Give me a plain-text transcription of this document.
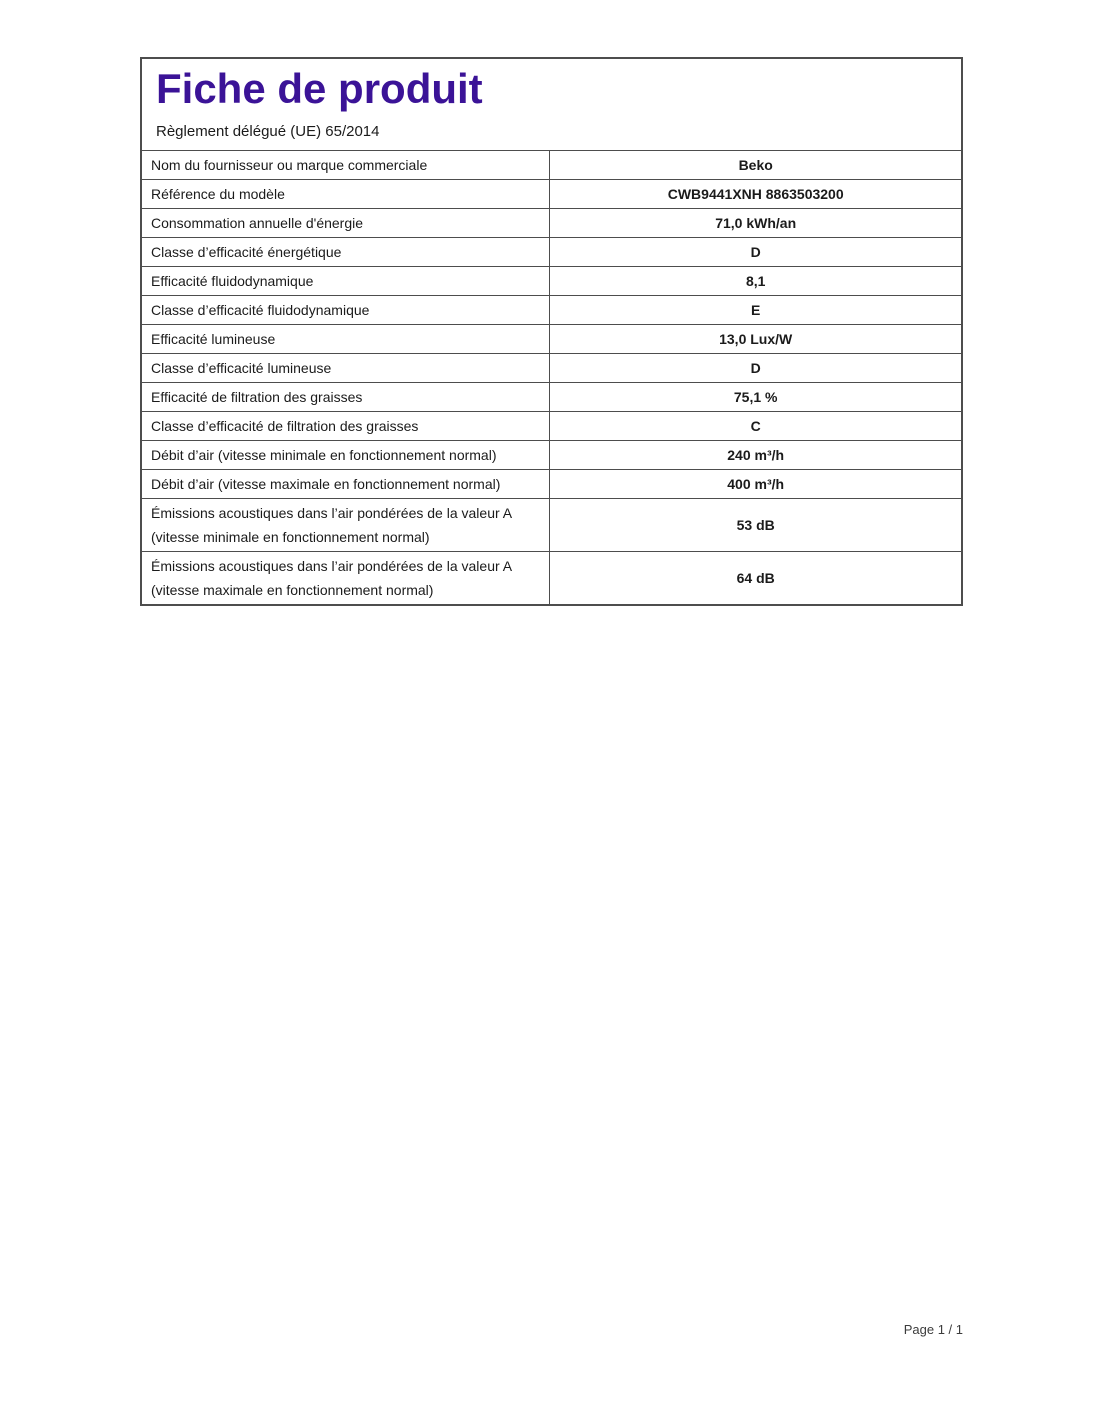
Fiche de produit
Règlement délégué (UE) 65/2014
Nom du fournisseur ou marque commerciale	Beko
Référence du modèle	CWB9441XNH 8863503200
Consommation annuelle d'énergie	71,0 kWh/an
Classe d’efficacité énergétique	D
Efficacité fluidodynamique	8,1
Classe d’efficacité fluidodynamique	E
Efficacité lumineuse	13,0 Lux/W
Classe d’efficacité lumineuse	D
Efficacité de filtration des graisses	75,1 %
Classe d’efficacité de filtration des graisses	C
Débit d’air (vitesse minimale en fonctionnement normal)	240 m³/h
Débit d’air (vitesse maximale en fonctionnement normal)	400 m³/h
Émissions acoustiques dans l’air pondérées de la valeur A (vitesse minimale en fonctionnement normal)	53 dB
Émissions acoustiques dans l’air pondérées de la valeur A (vitesse maximale en fonctionnement normal)	64 dB
Page 1 / 1
